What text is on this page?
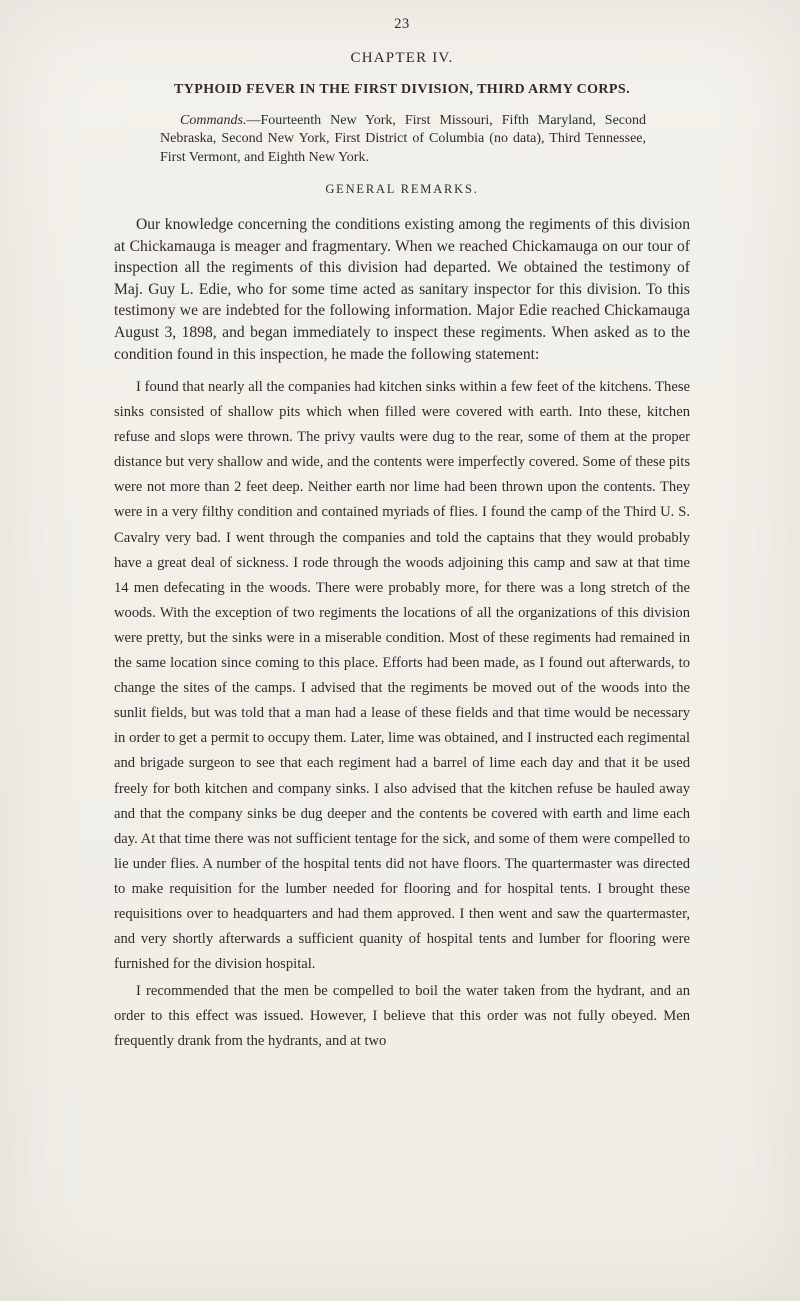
23
CHAPTER IV.
TYPHOID FEVER IN THE FIRST DIVISION, THIRD ARMY CORPS.

Commands.—Fourteenth New York, First Missouri, Fifth Maryland, Second Nebraska, Second New York, First District of Columbia (no data), Third Tennessee, First Vermont, and Eighth New York.

GENERAL REMARKS.

Our knowledge concerning the conditions existing among the regiments of this division at Chickamauga is meager and fragmentary. When we reached Chickamauga on our tour of inspection all the regiments of this division had departed. We obtained the testimony of Maj. Guy L. Edie, who for some time acted as sanitary inspector for this division. To this testimony we are indebted for the following information. Major Edie reached Chickamauga August 3, 1898, and began immediately to inspect these regiments. When asked as to the condition found in this inspection, he made the following statement:

I found that nearly all the companies had kitchen sinks within a few feet of the kitchens. These sinks consisted of shallow pits which when filled were covered with earth. Into these, kitchen refuse and slops were thrown. The privy vaults were dug to the rear, some of them at the proper distance but very shallow and wide, and the contents were imperfectly covered. Some of these pits were not more than 2 feet deep. Neither earth nor lime had been thrown upon the contents. They were in a very filthy condition and contained myriads of flies. I found the camp of the Third U. S. Cavalry very bad. I went through the companies and told the captains that they would probably have a great deal of sickness. I rode through the woods adjoining this camp and saw at that time 14 men defecating in the woods. There were probably more, for there was a long stretch of the woods. With the exception of two regiments the locations of all the organizations of this division were pretty, but the sinks were in a miserable condition. Most of these regiments had remained in the same location since coming to this place. Efforts had been made, as I found out afterwards, to change the sites of the camps. I advised that the regiments be moved out of the woods into the sunlit fields, but was told that a man had a lease of these fields and that time would be necessary in order to get a permit to occupy them. Later, lime was obtained, and I instructed each regimental and brigade surgeon to see that each regiment had a barrel of lime each day and that it be used freely for both kitchen and company sinks. I also advised that the kitchen refuse be hauled away and that the company sinks be dug deeper and the contents be covered with earth and lime each day. At that time there was not sufficient tentage for the sick, and some of them were compelled to lie under flies. A number of the hospital tents did not have floors. The quartermaster was directed to make requisition for the lumber needed for flooring and for hospital tents. I brought these requisitions over to headquarters and had them approved. I then went and saw the quartermaster, and very shortly afterwards a sufficient quanity of hospital tents and lumber for flooring were furnished for the division hospital.

I recommended that the men be compelled to boil the water taken from the hydrant, and an order to this effect was issued. However, I believe that this order was not fully obeyed. Men frequently drank from the hydrants, and at two
